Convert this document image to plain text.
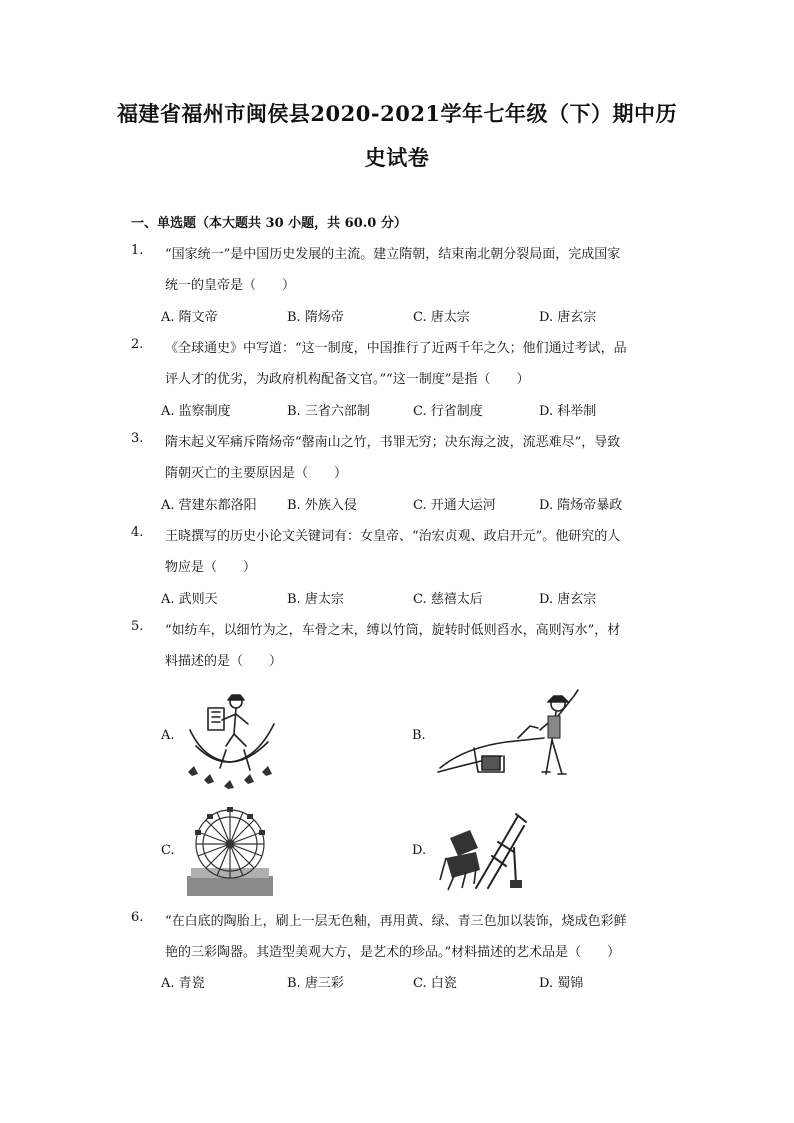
福建省福州市闽侯县2020-2021学年七年级（下）期中历
史试卷
一、单选题（本大题共 30 小题，共 60.0 分）
1. “国家统一”是中国历史发展的主流。建立隋朝，结束南北朝分裂局面，完成国家
统一的皇帝是（　　）
A. 隋文帝	B. 隋炀帝	C. 唐太宗	D. 唐玄宗
2. 《全球通史》中写道：“这一制度，中国推行了近两千年之久；他们通过考试，品
评人才的优劣，为政府机构配备文官。”“这一制度”是指（　　）
A. 监察制度	B. 三省六部制	C. 行省制度	D. 科举制
3. 隋末起义军痛斥隋炀帝“罄南山之竹，书罪无穷；决东海之波，流恶难尽”，导致
隋朝灭亡的主要原因是（　　）
A. 营建东都洛阳 B. 外族入侵	C. 开通大运河	D. 隋炀帝暴政
4. 王晓撰写的历史小论文关键词有：女皇帝、“治宏贞观、政启开元”。他研究的人
物应是（　　）
A. 武则天	B. 唐太宗	C. 慈禧太后	D. 唐玄宗
5. “如纺车，以细竹为之，车骨之末，缚以竹筒，旋转时低则舀水，高则泻水”，材
料描述的是（　　）
A.	B.
C.	D.
6. “在白底的陶胎上，刷上一层无色釉，再用黄、绿、青三色加以装饰，烧成色彩鲜
艳的三彩陶器。其造型美观大方，是艺术的珍品。”材料描述的艺术品是（　　）
A. 青瓷	B. 唐三彩	C. 白瓷	D. 蜀锦
